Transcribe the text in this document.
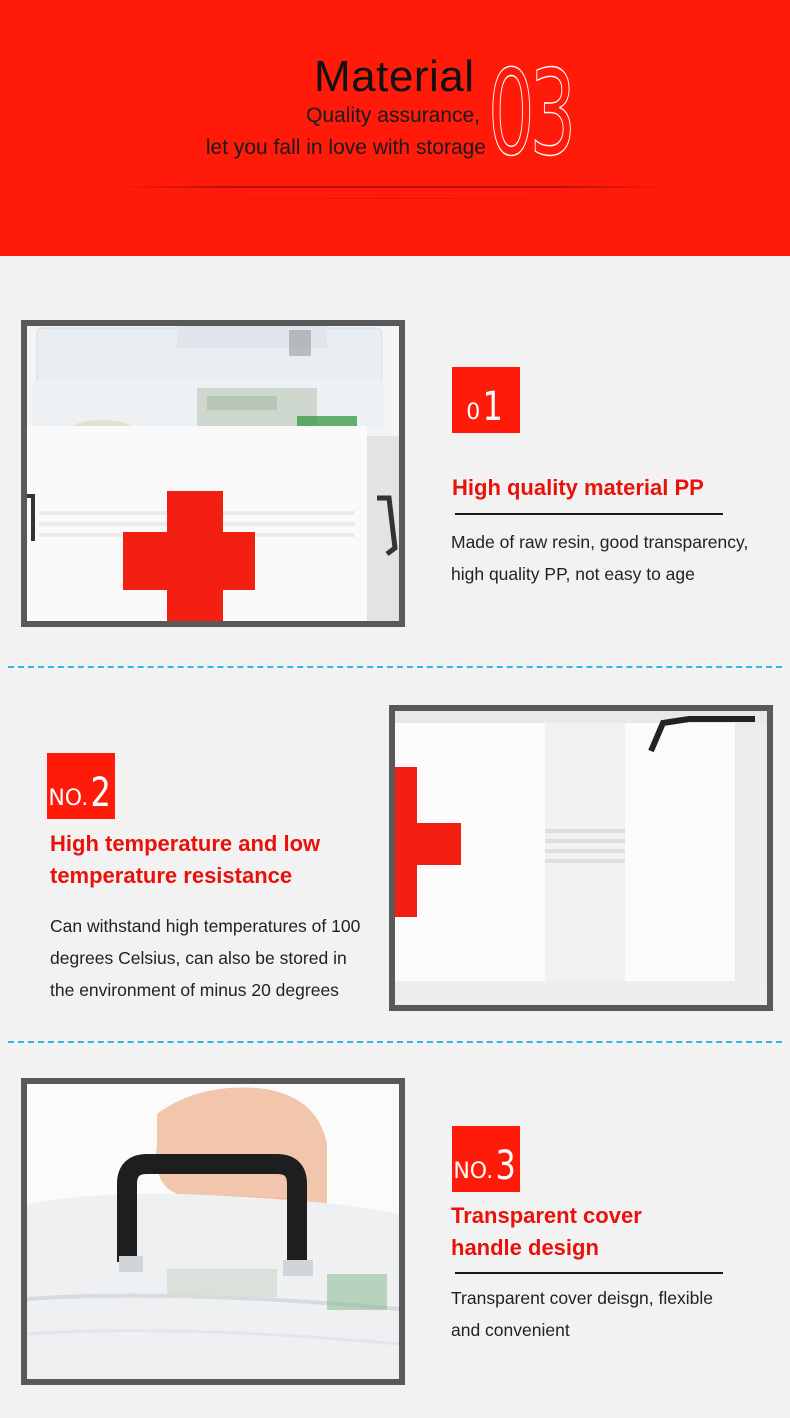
03
Material
Quality assurance,
let you fall in love with storage
0 1
High quality material PP
Made of raw resin, good transparency,
high quality PP, not easy to age
NO. 2
High temperature and low
temperature resistance
Can withstand high temperatures of 100
degrees Celsius, can also be stored in
the environment of minus 20 degrees
NO. 3
Transparent cover
handle design
Transparent cover deisgn, flexible
and convenient
